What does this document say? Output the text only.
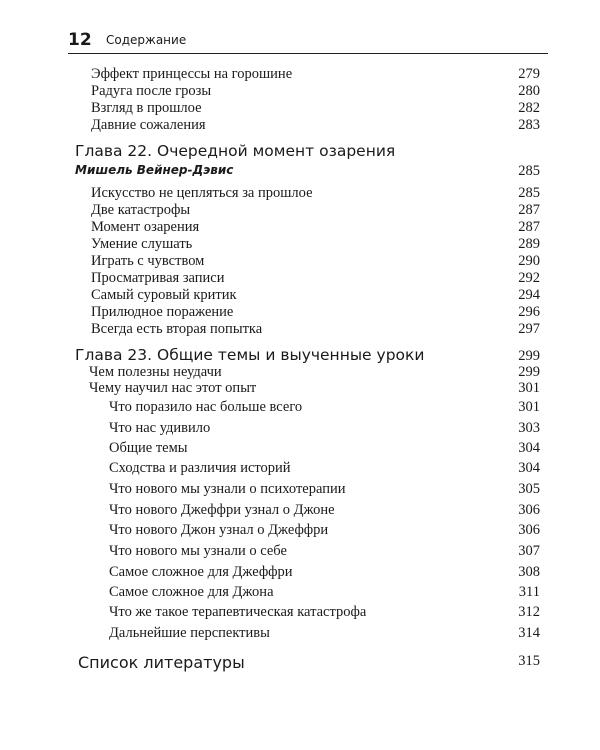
12 Содержание
Эффект принцессы на горошине	279
Радуга после грозы	280
Взгляд в прошлое	282
Давние сожаления	283
Глава 22. Очередной момент озарения
Мишель Вейнер-Дэвис	285
Искусство не цепляться за прошлое	285
Две катастрофы	287
Момент озарения	287
Умение слушать	289
Играть с чувством	290
Просматривая записи	292
Самый суровый критик	294
Прилюдное поражение	296
Всегда есть вторая попытка	297
Глава 23. Общие темы и выученные уроки	299
Чем полезны неудачи	299
Чему научил нас этот опыт	301
Что поразило нас больше всего	301
Что нас удивило	303
Общие темы	304
Сходства и различия историй	304
Что нового мы узнали о психотерапии	305
Что нового Джеффри узнал о Джоне	306
Что нового Джон узнал о Джеффри	306
Что нового мы узнали о себе	307
Самое сложное для Джеффри	308
Самое сложное для Джона	311
Что же такое терапевтическая катастрофа	312
Дальнейшие перспективы	314
Список литературы	315
